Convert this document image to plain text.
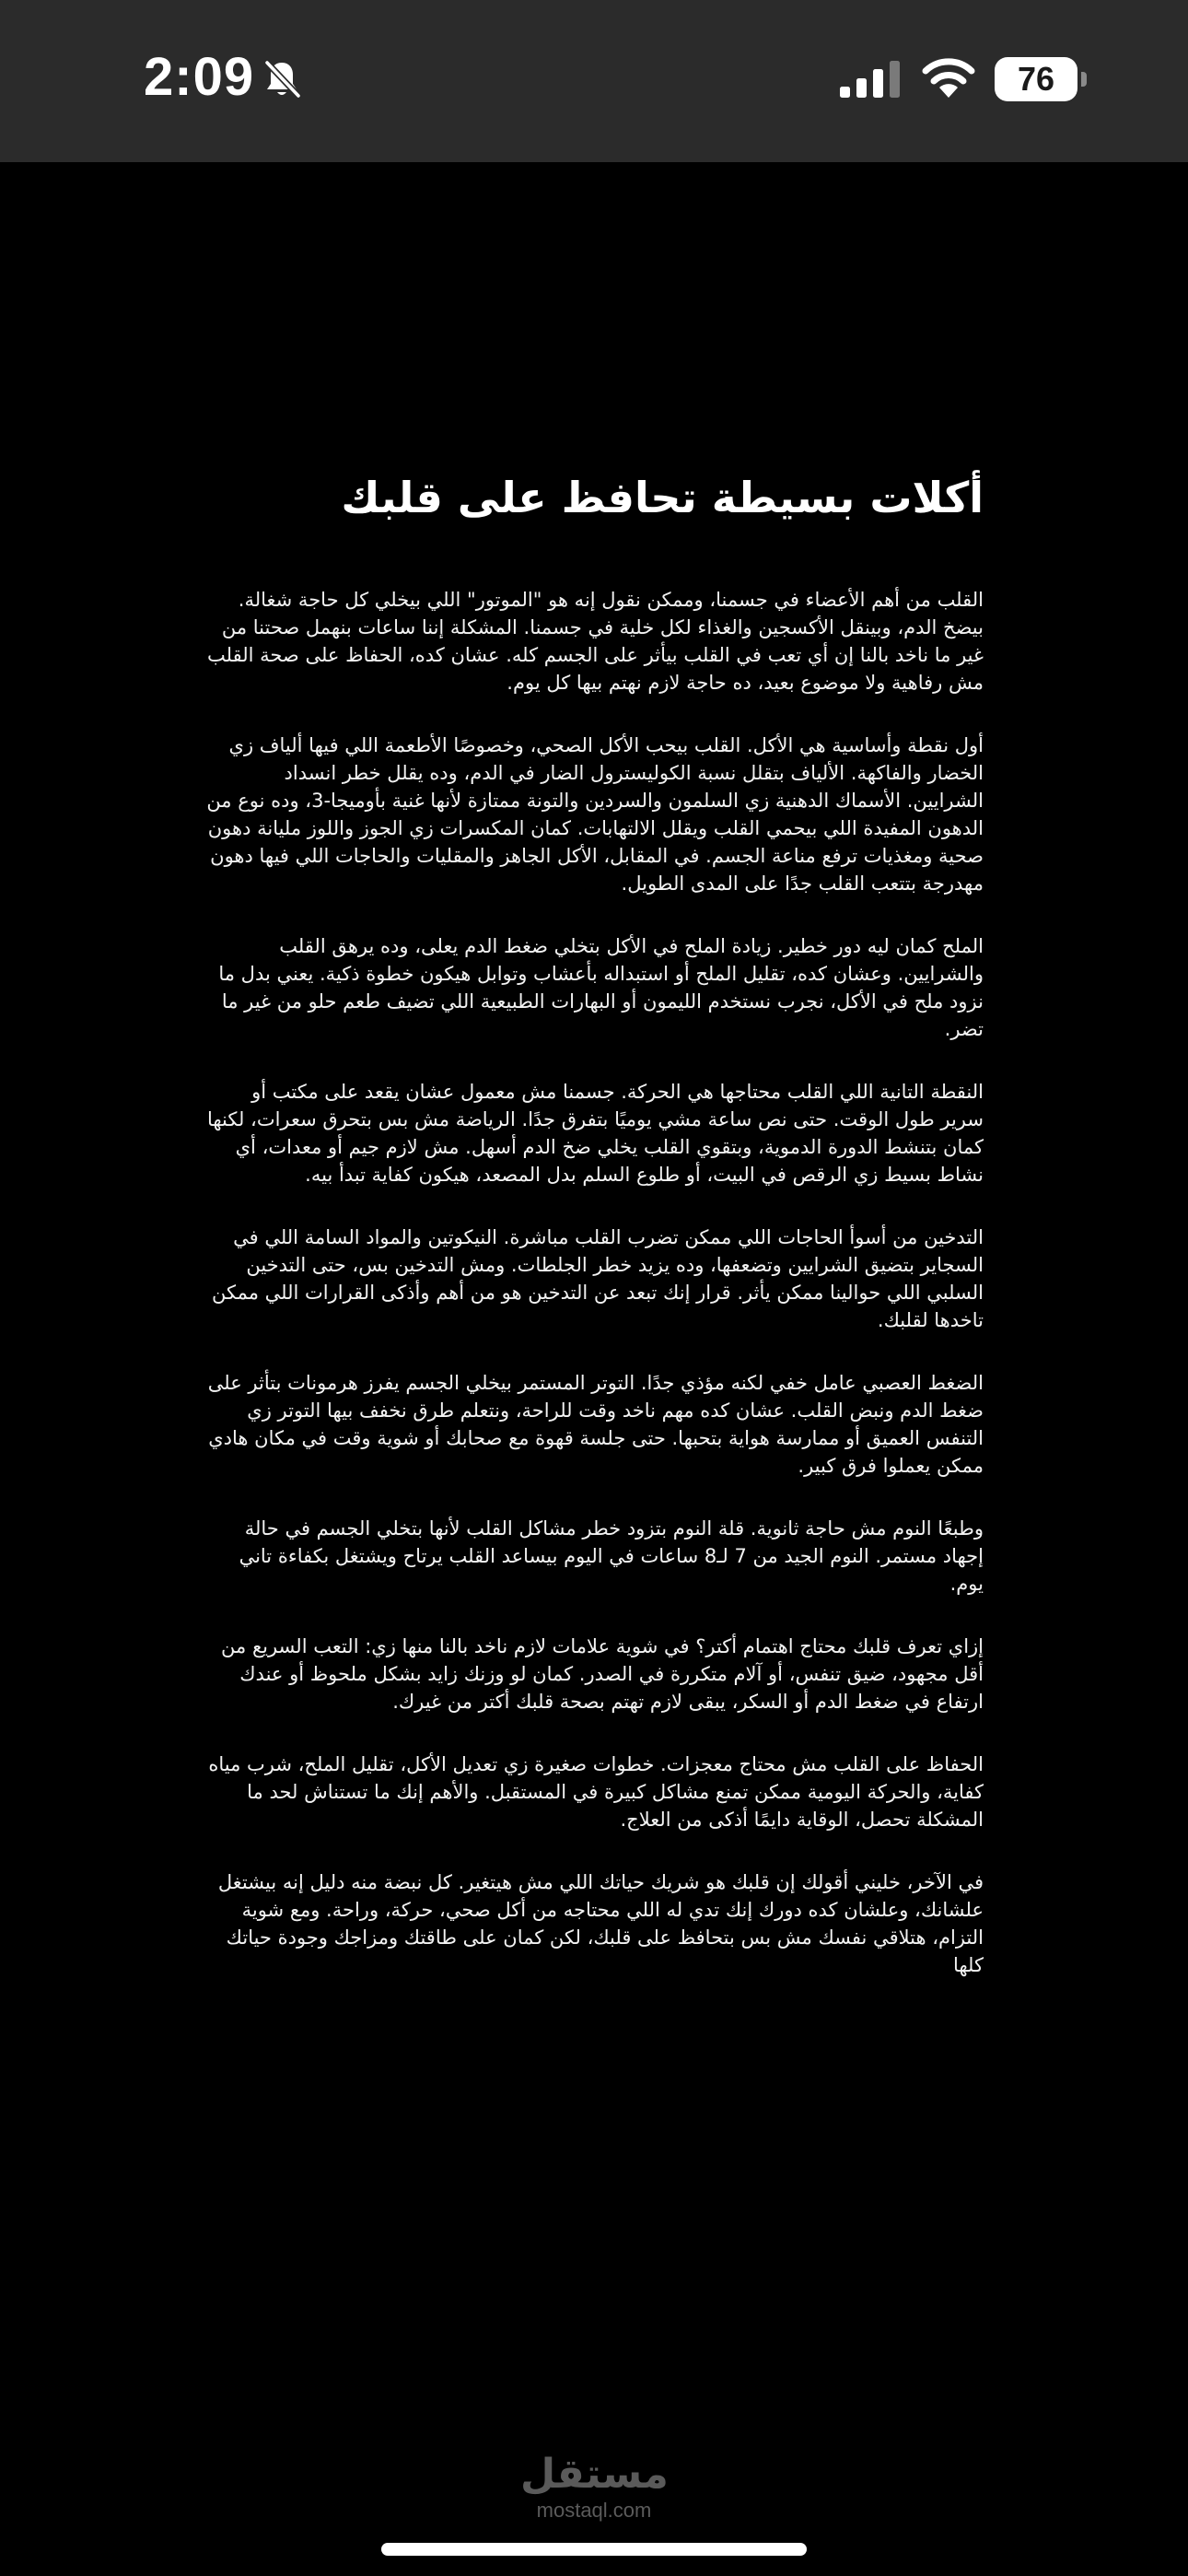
2:09	76
أكلات بسيطة تحافظ على قلبك

القلب من أهم الأعضاء في جسمنا، وممكن نقول إنه هو "الموتور" اللي بيخلي كل حاجة شغالة. بيضخ الدم، وبينقل الأكسجين والغذاء لكل خلية في جسمنا. المشكلة إننا ساعات بنهمل صحتنا من غير ما ناخد بالنا إن أي تعب في القلب بيأثر على الجسم كله. عشان كده، الحفاظ على صحة القلب مش رفاهية ولا موضوع بعيد، ده حاجة لازم نهتم بيها كل يوم.

أول نقطة وأساسية هي الأكل. القلب بيحب الأكل الصحي، وخصوصًا الأطعمة اللي فيها ألياف زي الخضار والفاكهة. الألياف بتقلل نسبة الكوليسترول الضار في الدم، وده يقلل خطر انسداد الشرايين. الأسماك الدهنية زي السلمون والسردين والتونة ممتازة لأنها غنية بأوميجا-3، وده نوع من الدهون المفيدة اللي بيحمي القلب ويقلل الالتهابات. كمان المكسرات زي الجوز واللوز مليانة دهون صحية ومغذيات ترفع مناعة الجسم. في المقابل، الأكل الجاهز والمقليات والحاجات اللي فيها دهون مهدرجة بتتعب القلب جدًا على المدى الطويل.

الملح كمان ليه دور خطير. زيادة الملح في الأكل بتخلي ضغط الدم يعلى، وده يرهق القلب والشرايين. وعشان كده، تقليل الملح أو استبداله بأعشاب وتوابل هيكون خطوة ذكية. يعني بدل ما نزود ملح في الأكل، نجرب نستخدم الليمون أو البهارات الطبيعية اللي تضيف طعم حلو من غير ما تضر.

النقطة التانية اللي القلب محتاجها هي الحركة. جسمنا مش معمول عشان يقعد على مكتب أو سرير طول الوقت. حتى نص ساعة مشي يوميًا بتفرق جدًا. الرياضة مش بس بتحرق سعرات، لكنها كمان بتنشط الدورة الدموية، وبتقوي القلب يخلي ضخ الدم أسهل. مش لازم جيم أو معدات، أي نشاط بسيط زي الرقص في البيت، أو طلوع السلم بدل المصعد، هيكون كفاية تبدأ بيه.

التدخين من أسوأ الحاجات اللي ممكن تضرب القلب مباشرة. النيكوتين والمواد السامة اللي في السجاير بتضيق الشرايين وتضعفها، وده يزيد خطر الجلطات. ومش التدخين بس، حتى التدخين السلبي اللي حوالينا ممكن يأثر. قرار إنك تبعد عن التدخين هو من أهم وأذكى القرارات اللي ممكن تاخدها لقلبك.

الضغط العصبي عامل خفي لكنه مؤذي جدًا. التوتر المستمر بيخلي الجسم يفرز هرمونات بتأثر على ضغط الدم ونبض القلب. عشان كده مهم ناخد وقت للراحة، ونتعلم طرق نخفف بيها التوتر زي التنفس العميق أو ممارسة هواية بتحبها. حتى جلسة قهوة مع صحابك أو شوية وقت في مكان هادي ممكن يعملوا فرق كبير.

وطبعًا النوم مش حاجة ثانوية. قلة النوم بتزود خطر مشاكل القلب لأنها بتخلي الجسم في حالة إجهاد مستمر. النوم الجيد من 7 لـ8 ساعات في اليوم بيساعد القلب يرتاح ويشتغل بكفاءة تاني يوم.

إزاي تعرف قلبك محتاج اهتمام أكتر؟ في شوية علامات لازم ناخد بالنا منها زي: التعب السريع من أقل مجهود، ضيق تنفس، أو آلام متكررة في الصدر. كمان لو وزنك زايد بشكل ملحوظ أو عندك ارتفاع في ضغط الدم أو السكر، يبقى لازم تهتم بصحة قلبك أكتر من غيرك.

الحفاظ على القلب مش محتاج معجزات. خطوات صغيرة زي تعديل الأكل، تقليل الملح، شرب مياه كفاية، والحركة اليومية ممكن تمنع مشاكل كبيرة في المستقبل. والأهم إنك ما تستناش لحد ما المشكلة تحصل، الوقاية دايمًا أذكى من العلاج.

في الآخر، خليني أقولك إن قلبك هو شريك حياتك اللي مش هيتغير. كل نبضة منه دليل إنه بيشتغل علشانك، وعلشان كده دورك إنك تدي له اللي محتاجه من أكل صحي، حركة، وراحة. ومع شوية التزام، هتلاقي نفسك مش بس بتحافظ على قلبك، لكن كمان على طاقتك ومزاجك وجودة حياتك كلها

مستقل
mostaql.com
